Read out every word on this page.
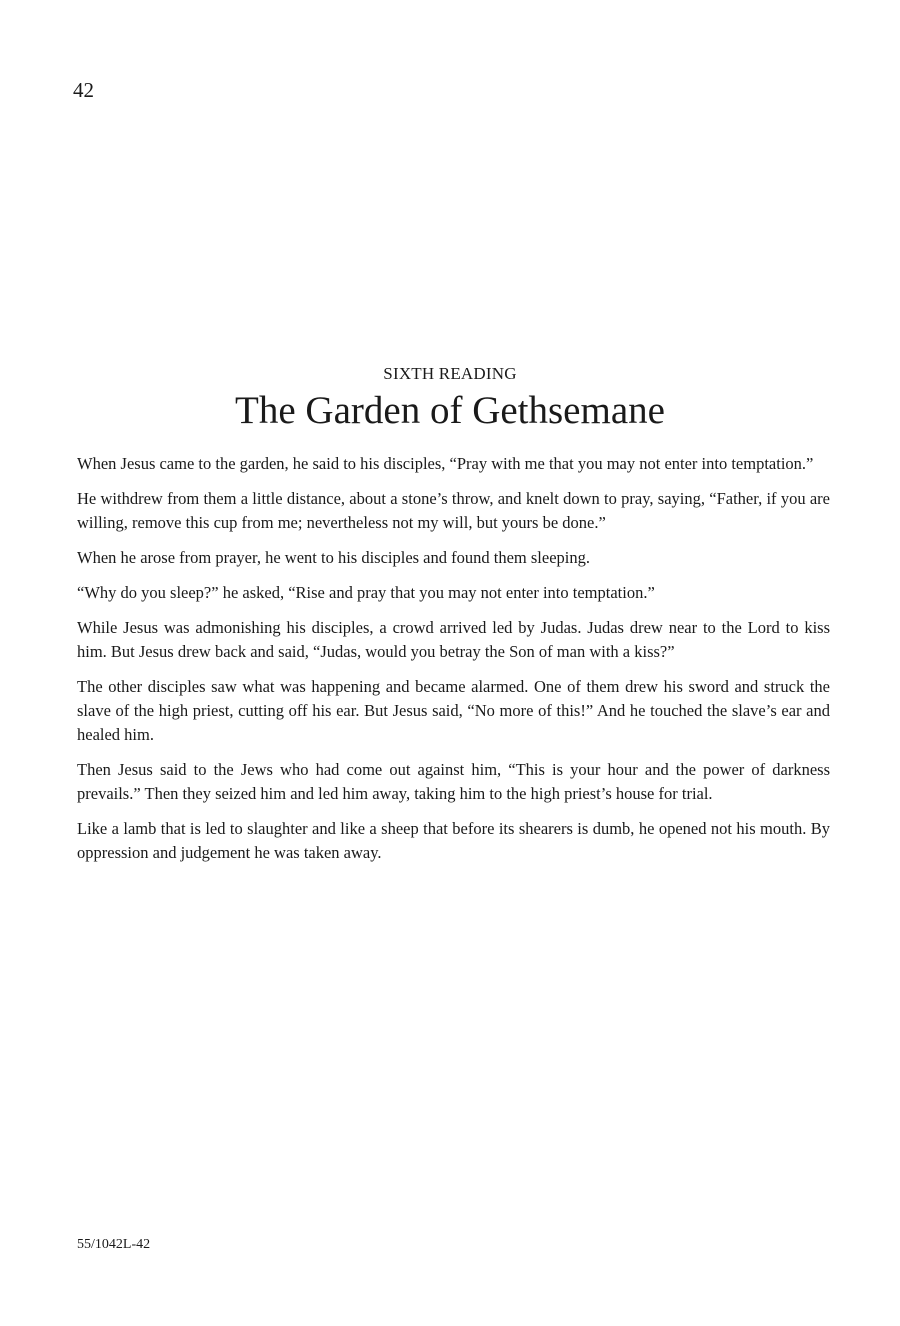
42
SIXTH READING
The Garden of Gethsemane

When Jesus came to the garden, he said to his disciples, “Pray with me that you may not enter into temptation.”

He withdrew from them a little distance, about a stone’s throw, and knelt down to pray, saying, “Father, if you are willing, remove this cup from me; nevertheless not my will, but yours be done.”

When he arose from prayer, he went to his disciples and found them sleeping.

“Why do you sleep?” he asked, “Rise and pray that you may not enter into temptation.”

While Jesus was admonishing his disciples, a crowd arrived led by Judas. Judas drew near to the Lord to kiss him. But Jesus drew back and said, “Judas, would you betray the Son of man with a kiss?”

The other disciples saw what was happening and became alarmed. One of them drew his sword and struck the slave of the high priest, cutting off his ear. But Jesus said, “No more of this!” And he touched the slave’s ear and healed him.

Then Jesus said to the Jews who had come out against him, “This is your hour and the power of darkness prevails.” Then they seized him and led him away, taking him to the high priest’s house for trial.

Like a lamb that is led to slaughter and like a sheep that before its shearers is dumb, he opened not his mouth. By oppression and judgement he was taken away.

55/1042L-42
